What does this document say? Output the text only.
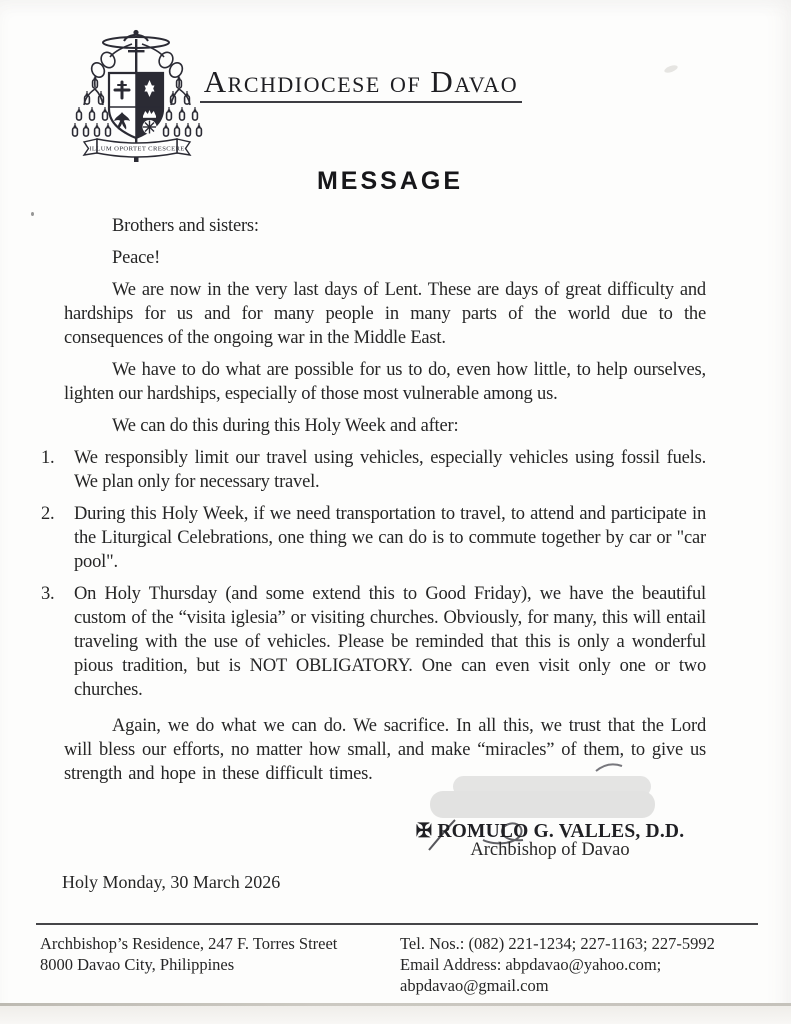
ILLUM OPORTET CRESCERE
Archdiocese of Davao
MESSAGE

Brothers and sisters:

Peace!

We are now in the very last days of Lent. These are days of great difficulty and hardships for us and for many people in many parts of the world due to the consequences of the ongoing war in the Middle East.

We have to do what are possible for us to do, even how little, to help ourselves, lighten our hardships, especially of those most vulnerable among us.

We can do this during this Holy Week and after:

1. We responsibly limit our travel using vehicles, especially vehicles using fossil fuels. We plan only for necessary travel.
2. During this Holy Week, if we need transportation to travel, to attend and participate in the Liturgical Celebrations, one thing we can do is to commute together by car or "car pool".
3. On Holy Thursday (and some extend this to Good Friday), we have the beautiful custom of the “visita iglesia” or visiting churches. Obviously, for many, this will entail traveling with the use of vehicles. Please be reminded that this is only a wonderful pious tradition, but is NOT OBLIGATORY. One can even visit only one or two churches.

Again, we do what we can do. We sacrifice. In all this, we trust that the Lord will bless our efforts, no matter how small, and make “miracles” of them, to give us strength and hope in these difficult times.

✠ ROMULO G. VALLES, D.D.
Archbishop of Davao
Holy Monday, 30 March 2026
Archbishop’s Residence, 247 F. Torres Street
8000 Davao City, Philippines
Tel. Nos.: (082) 221-1234; 227-1163; 227-5992
Email Address: abpdavao@yahoo.com; abpdavao@gmail.com
